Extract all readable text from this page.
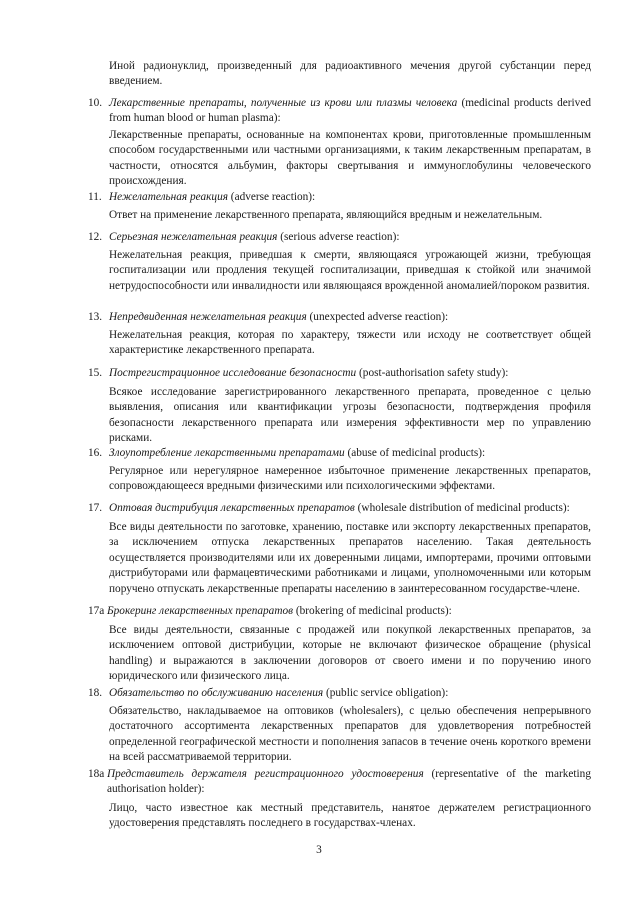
Иной радионуклид, произведенный для радиоактивного мечения другой субстанции перед введением.

10. Лекарственные препараты, полученные из крови или плазмы человека (medicinal products derived from human blood or human plasma):

Лекарственные препараты, основанные на компонентах крови, приготовленные промышленным способом государственными или частными организациями, к таким лекарственным препаратам, в частности, относятся альбумин, факторы свертывания и иммуноглобулины человеческого происхождения.

11. Нежелательная реакция (adverse reaction):

Ответ на применение лекарственного препарата, являющийся вредным и нежелательным.

12. Серьезная нежелательная реакция (serious adverse reaction):

Нежелательная реакция, приведшая к смерти, являющаяся угрожающей жизни, требующая госпитализации или продления текущей госпитализации, приведшая к стойкой или значимой нетрудоспособности или инвалидности или являющаяся врожденной аномалией/пороком развития.

13. Непредвиденная нежелательная реакция (unexpected adverse reaction):

Нежелательная реакция, которая по характеру, тяжести или исходу не соответствует общей характеристике лекарственного препарата.

15. Пострегистрационное исследование безопасности (post-authorisation safety study):

Всякое исследование зарегистрированного лекарственного препарата, проведенное с целью выявления, описания или квантификации угрозы безопасности, подтверждения профиля безопасности лекарственного препарата или измерения эффективности мер по управлению рисками.

16. Злоупотребление лекарственными препаратами (abuse of medicinal products):

Регулярное или нерегулярное намеренное избыточное применение лекарственных препаратов, сопровождающееся вредными физическими или психологическими эффектами.

17. Оптовая дистрибуция лекарственных препаратов (wholesale distribution of medicinal products):

Все виды деятельности по заготовке, хранению, поставке или экспорту лекарственных препаратов, за исключением отпуска лекарственных препаратов населению. Такая деятельность осуществляется производителями или их доверенными лицами, импортерами, прочими оптовыми дистрибуторами или фармацевтическими работниками и лицами, уполномоченными или которым поручено отпускать лекарственные препараты населению в заинтересованном государстве-члене.

17a Брокеринг лекарственных препаратов (brokering of medicinal products):

Все виды деятельности, связанные с продажей или покупкой лекарственных препаратов, за исключением оптовой дистрибуции, которые не включают физическое обращение (physical handling) и выражаются в заключении договоров от своего имени и по поручению иного юридического или физического лица.

18. Обязательство по обслуживанию населения (public service obligation):

Обязательство, накладываемое на оптовиков (wholesalers), с целью обеспечения непрерывного достаточного ассортимента лекарственных препаратов для удовлетворения потребностей определенной географической местности и пополнения запасов в течение очень короткого времени на всей рассматриваемой территории.

18a Представитель держателя регистрационного удостоверения (representative of the marketing authorisation holder):

Лицо, часто известное как местный представитель, нанятое держателем регистрационного удостоверения представлять последнего в государствах-членах.

3
